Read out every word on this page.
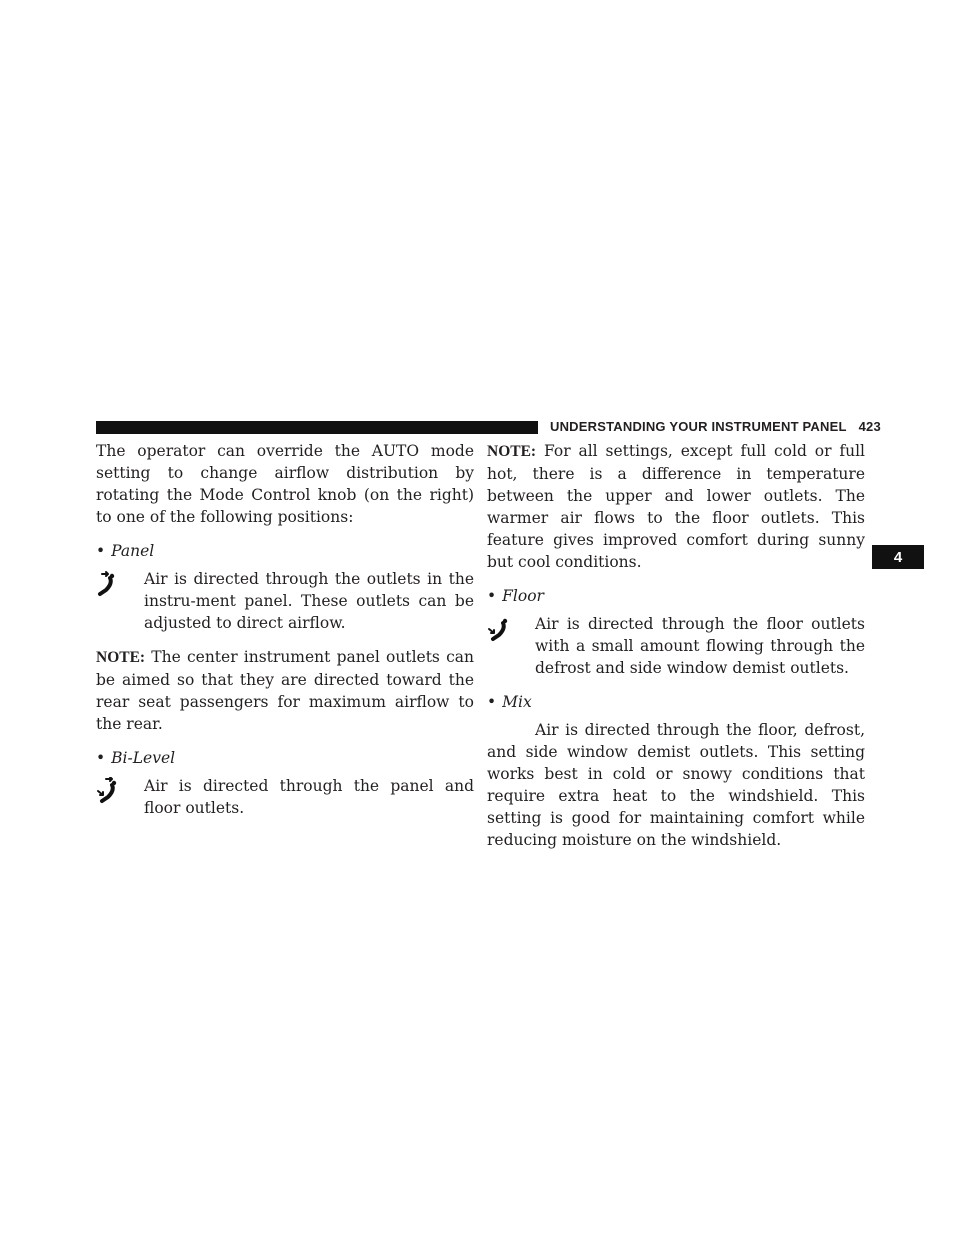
UNDERSTANDING YOUR INSTRUMENT PANEL 423
4

The operator can override the AUTO mode setting to change airflow distribution by rotating the Mode Control knob (on the right) to one of the following positions:

• Panel

Air is directed through the outlets in the instru-ment panel. These outlets can be adjusted to direct airflow.

NOTE: The center instrument panel outlets can be aimed so that they are directed toward the rear seat passengers for maximum airflow to the rear.

• Bi-Level

Air is directed through the panel and floor outlets.

NOTE: For all settings, except full cold or full hot, there is a difference in temperature between the upper and lower outlets. The warmer air flows to the floor outlets. This feature gives improved comfort during sunny but cool conditions.

• Floor

Air is directed through the floor outlets with a small amount flowing through the defrost and side window demist outlets.

• Mix

Air is directed through the floor, defrost, and side window demist outlets. This setting works best in cold or snowy conditions that require extra heat to the windshield. This setting is good for maintaining comfort while reducing moisture on the windshield.
